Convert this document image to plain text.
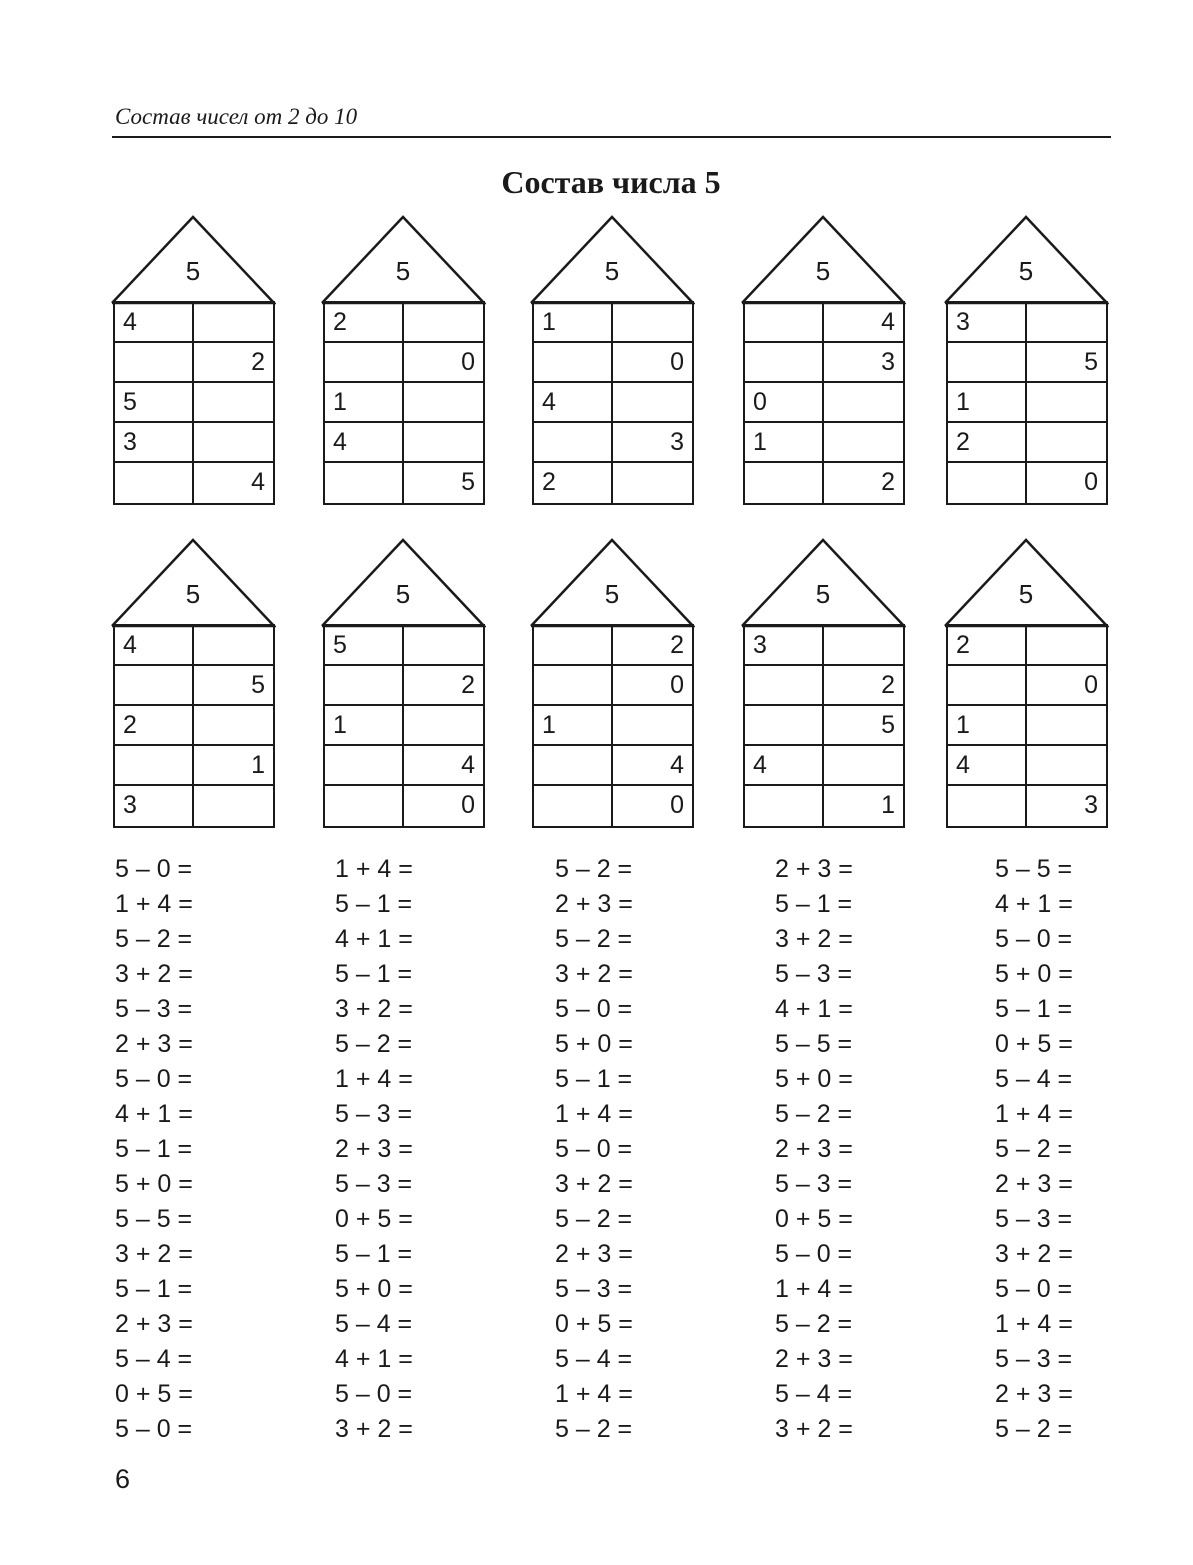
Состав чисел от 2 до 10
Состав числа 5
5
4
2
5
3
4
5
2
0
1
4
5
5
1
0
4
3
2
5
4
3
0
1
2
5
3
5
1
2
0
5
4
5
2
1
3
5
5
2
1
4
0
5
2
0
1
4
0
5
3
2
5
4
1
5
2
0
1
4
3
5 – 0 =
1 + 4 =
5 – 2 =
3 + 2 =
5 – 3 =
2 + 3 =
5 – 0 =
4 + 1 =
5 – 1 =
5 + 0 =
5 – 5 =
3 + 2 =
5 – 1 =
2 + 3 =
5 – 4 =
0 + 5 =
5 – 0 =
1 + 4 =
5 – 1 =
4 + 1 =
5 – 1 =
3 + 2 =
5 – 2 =
1 + 4 =
5 – 3 =
2 + 3 =
5 – 3 =
0 + 5 =
5 – 1 =
5 + 0 =
5 – 4 =
4 + 1 =
5 – 0 =
3 + 2 =
5 – 2 =
2 + 3 =
5 – 2 =
3 + 2 =
5 – 0 =
5 + 0 =
5 – 1 =
1 + 4 =
5 – 0 =
3 + 2 =
5 – 2 =
2 + 3 =
5 – 3 =
0 + 5 =
5 – 4 =
1 + 4 =
5 – 2 =
2 + 3 =
5 – 1 =
3 + 2 =
5 – 3 =
4 + 1 =
5 – 5 =
5 + 0 =
5 – 2 =
2 + 3 =
5 – 3 =
0 + 5 =
5 – 0 =
1 + 4 =
5 – 2 =
2 + 3 =
5 – 4 =
3 + 2 =
5 – 5 =
4 + 1 =
5 – 0 =
5 + 0 =
5 – 1 =
0 + 5 =
5 – 4 =
1 + 4 =
5 – 2 =
2 + 3 =
5 – 3 =
3 + 2 =
5 – 0 =
1 + 4 =
5 – 3 =
2 + 3 =
5 – 2 =
6
